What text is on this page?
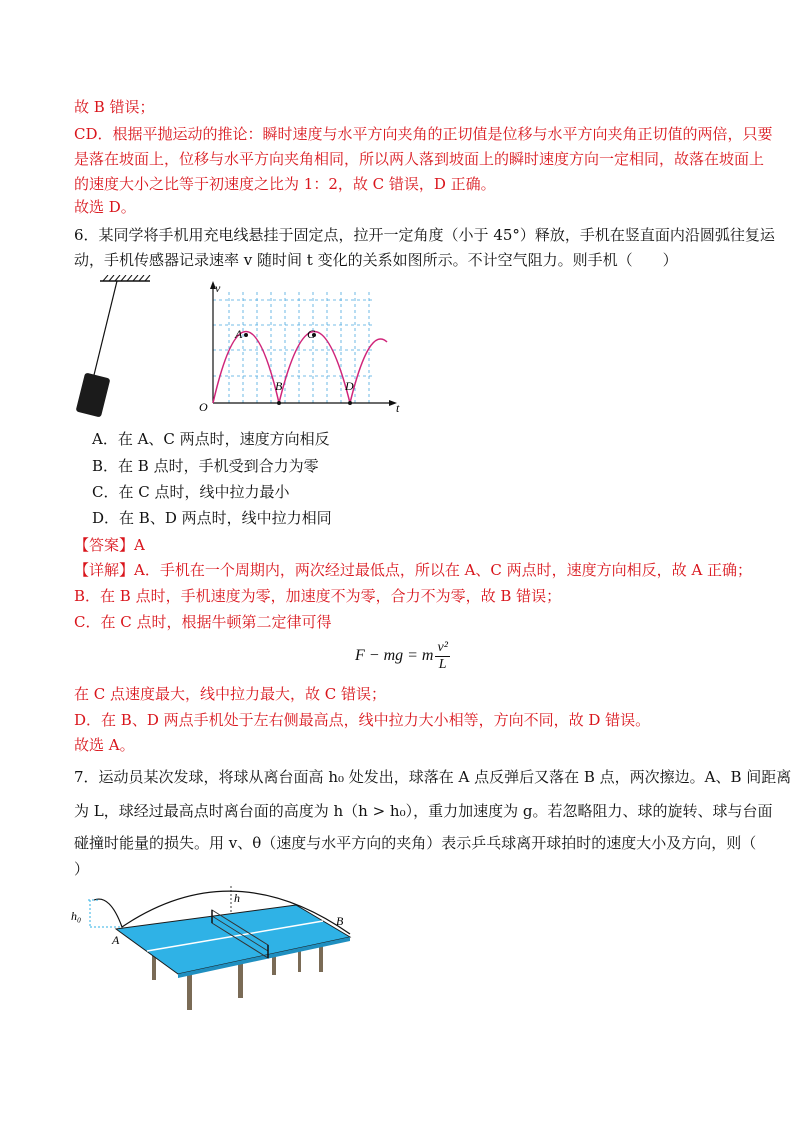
故 B 错误；
CD．根据平抛运动的推论：瞬时速度与水平方向夹角的正切值是位移与水平方向夹角正切值的两倍，只要
是落在坡面上，位移与水平方向夹角相同，所以两人落到坡面上的瞬时速度方向一定相同，故落在坡面上
的速度大小之比等于初速度之比为 1：2，故 C 错误，D 正确。
故选 D。
6．某同学将手机用充电线悬挂于固定点，拉开一定角度（小于 45°）释放，手机在竖直面内沿圆弧往复运
动，手机传感器记录速率 v 随时间 t 变化的关系如图所示。不计空气阻力。则手机（　　）
v
t
O
A
B
C
D
A．在 A、C 两点时，速度方向相反
B．在 B 点时，手机受到合力为零
C．在 C 点时，线中拉力最小
D．在 B、D 两点时，线中拉力相同
【答案】A
【详解】A．手机在一个周期内，两次经过最低点，所以在 A、C 两点时，速度方向相反，故 A 正确；
B．在 B 点时，手机速度为零，加速度不为零，合力不为零，故 B 错误；
C．在 C 点时，根据牛顿第二定律可得
F − mg = m $\frac{\text{v²}}{L}$
在 C 点速度最大，线中拉力最大，故 C 错误；
D．在 B、D 两点手机处于左右侧最高点，线中拉力大小相等，方向不同，故 D 错误。
故选 A。
7．运动员某次发球，将球从离台面高 h₀ 处发出，球落在 A 点反弹后又落在 B 点，两次擦边。A、B 间距离
为 L，球经过最高点时离台面的高度为 h（h > h₀），重力加速度为 g。若忽略阻力、球的旋转、球与台面
碰撞时能量的损失。用 v、θ（速度与水平方向的夹角）表示乒乓球离开球拍时的速度大小及方向，则（
）
h₀
h
A
B
